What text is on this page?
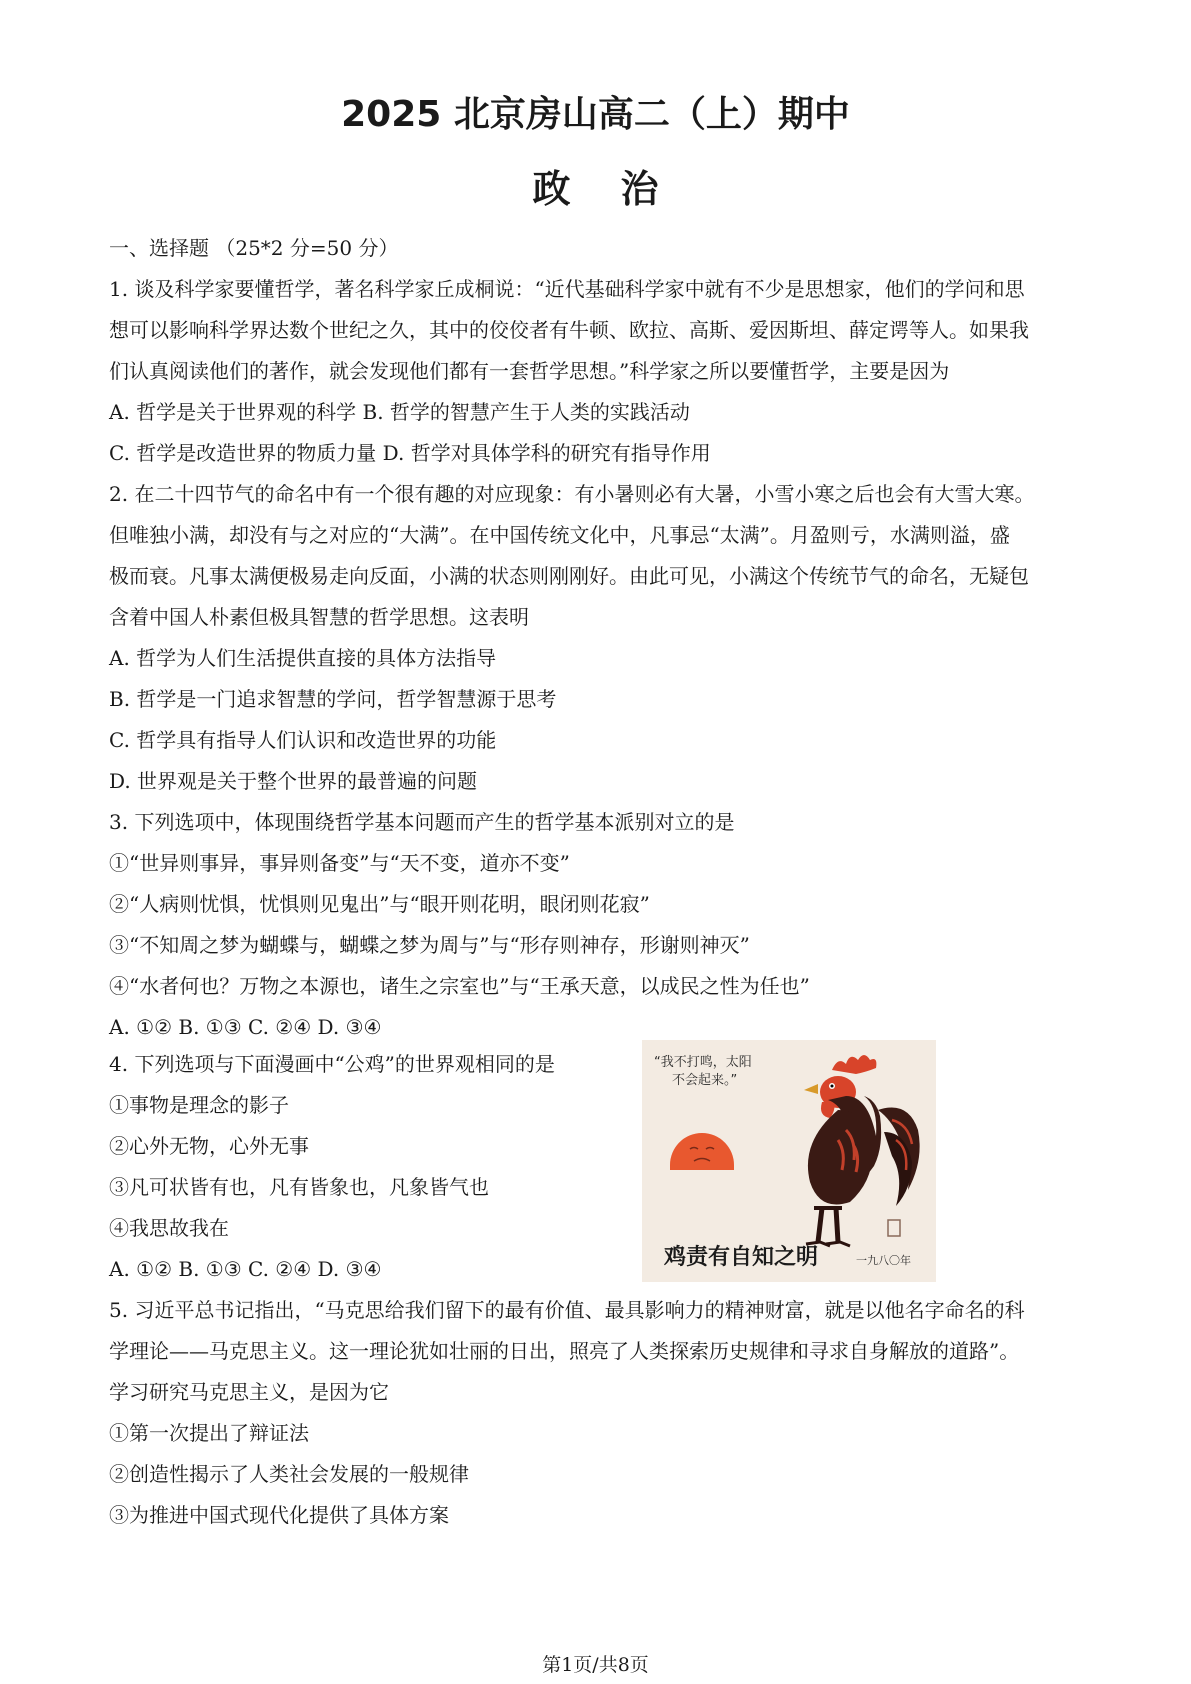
2025 北京房山高二（上）期中
政治
一、选择题 （25*2 分=50 分）
1. 谈及科学家要懂哲学，著名科学家丘成桐说：“近代基础科学家中就有不少是思想家，他们的学问和思
想可以影响科学界达数个世纪之久，其中的佼佼者有牛顿、欧拉、高斯、爱因斯坦、薛定谔等人。如果我
们认真阅读他们的著作，就会发现他们都有一套哲学思想。”科学家之所以要懂哲学，主要是因为
A. 哲学是关于世界观的科学 B. 哲学的智慧产生于人类的实践活动
C. 哲学是改造世界的物质力量 D. 哲学对具体学科的研究有指导作用
2. 在二十四节气的命名中有一个很有趣的对应现象：有小暑则必有大暑，小雪小寒之后也会有大雪大寒。
但唯独小满，却没有与之对应的“大满”。在中国传统文化中，凡事忌“太满”。月盈则亏，水满则溢，盛
极而衰。凡事太满便极易走向反面，小满的状态则刚刚好。由此可见，小满这个传统节气的命名，无疑包
含着中国人朴素但极具智慧的哲学思想。这表明
A. 哲学为人们生活提供直接的具体方法指导
B. 哲学是一门追求智慧的学问，哲学智慧源于思考
C. 哲学具有指导人们认识和改造世界的功能
D. 世界观是关于整个世界的最普遍的问题
3. 下列选项中，体现围绕哲学基本问题而产生的哲学基本派别对立的是
①“世异则事异，事异则备变”与“天不变，道亦不变”
②“人病则忧惧，忧惧则见鬼出”与“眼开则花明，眼闭则花寂”
③“不知周之梦为蝴蝶与，蝴蝶之梦为周与”与“形存则神存，形谢则神灭”
④“水者何也？万物之本源也，诸生之宗室也”与“王承天意，以成民之性为任也”
A. ①② B. ①③ C. ②④ D. ③④
4. 下列选项与下面漫画中“公鸡”的世界观相同的是
①事物是理念的影子
②心外无物，心外无事
③凡可状皆有也，凡有皆象也，凡象皆气也
④我思故我在
A. ①② B. ①③ C. ②④ D. ③④
“我不打鸣，太阳
不会起来。”
鸡责有自知之明	一九八〇年
5. 习近平总书记指出，“马克思给我们留下的最有价值、最具影响力的精神财富，就是以他名字命名的科
学理论——马克思主义。这一理论犹如壮丽的日出，照亮了人类探索历史规律和寻求自身解放的道路”。
学习研究马克思主义，是因为它
①第一次提出了辩证法
②创造性揭示了人类社会发展的一般规律
③为推进中国式现代化提供了具体方案
第1页/共8页
